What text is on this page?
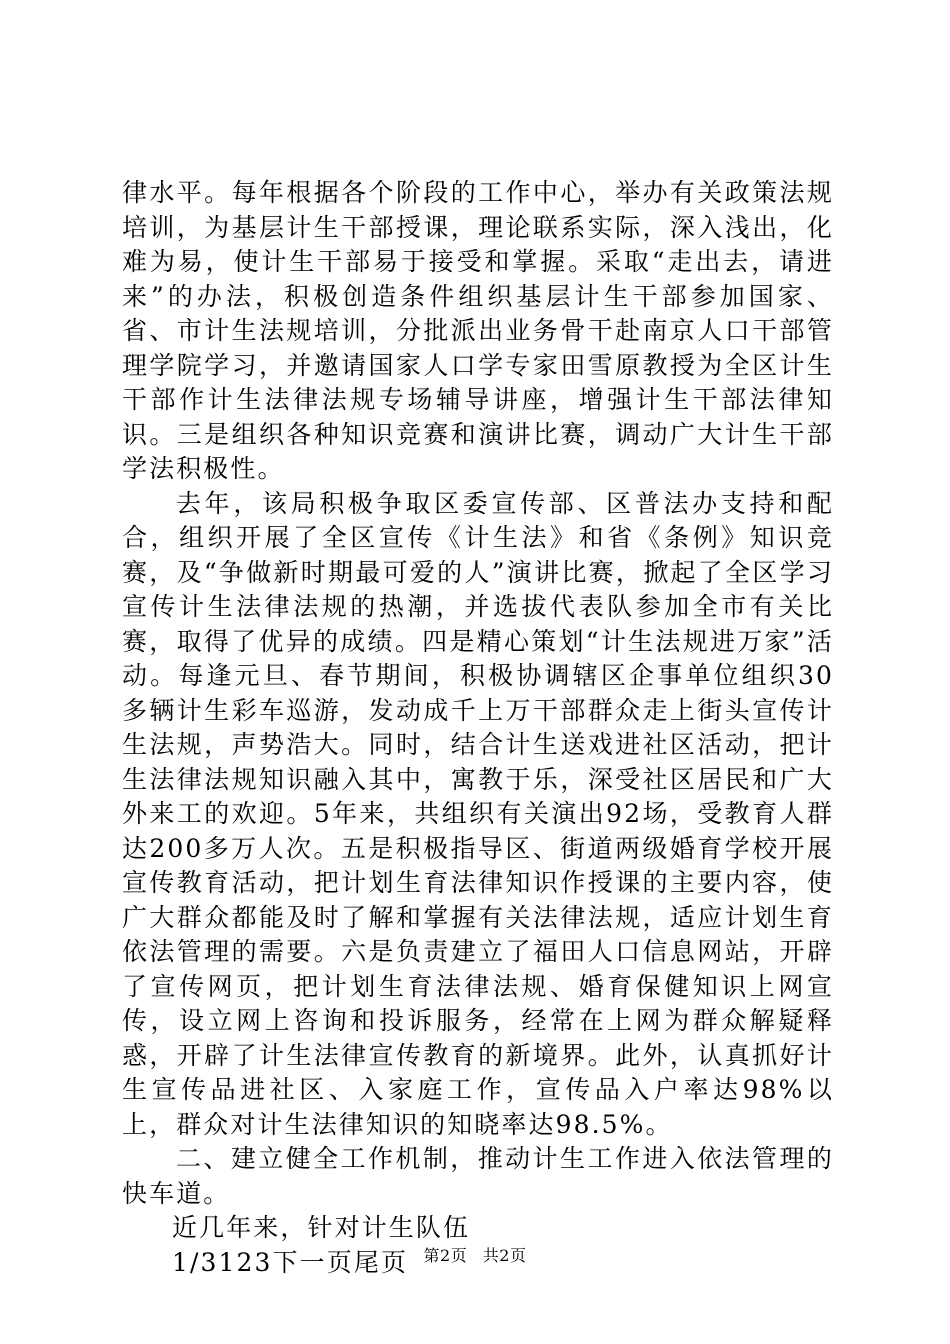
律水平。每年根据各个阶段的工作中心，举办有关政策法规培训，为基层计生干部授课，理论联系实际，深入浅出，化难为易，使计生干部易于接受和掌握。采取“走出去，请进来”的办法，积极创造条件组织基层计生干部参加国家、省、市计生法规培训，分批派出业务骨干赴南京人口干部管理学院学习，并邀请国家人口学专家田雪原教授为全区计生干部作计生法律法规专场辅导讲座，增强计生干部法律知识。三是组织各种知识竞赛和演讲比赛，调动广大计生干部学法积极性。

去年，该局积极争取区委宣传部、区普法办支持和配合，组织开展了全区宣传《计生法》和省《条例》知识竞赛，及“争做新时期最可爱的人”演讲比赛，掀起了全区学习宣传计生法律法规的热潮，并选拔代表队参加全市有关比赛，取得了优异的成绩。四是精心策划“计生法规进万家”活动。每逢元旦、春节期间，积极协调辖区企事单位组织30多辆计生彩车巡游，发动成千上万干部群众走上街头宣传计生法规，声势浩大。同时，结合计生送戏进社区活动，把计生法律法规知识融入其中，寓教于乐，深受社区居民和广大外来工的欢迎。5年来，共组织有关演出92场，受教育人群达200多万人次。五是积极指导区、街道两级婚育学校开展宣传教育活动，把计划生育法律知识作授课的主要内容，使广大群众都能及时了解和掌握有关法律法规，适应计划生育依法管理的需要。六是负责建立了福田人口信息网站，开辟了宣传网页，把计划生育法律法规、婚育保健知识上网宣传，设立网上咨询和投诉服务，经常在上网为群众解疑释惑，开辟了计生法律宣传教育的新境界。此外，认真抓好计生宣传品进社区、入家庭工作，宣传品入户率达98%以上，群众对计生法律知识的知晓率达98.5%。

二、建立健全工作机制，推动计生工作进入依法管理的快车道。

近几年来，针对计生队伍

1/3123下一页尾页 第2页 共2页
